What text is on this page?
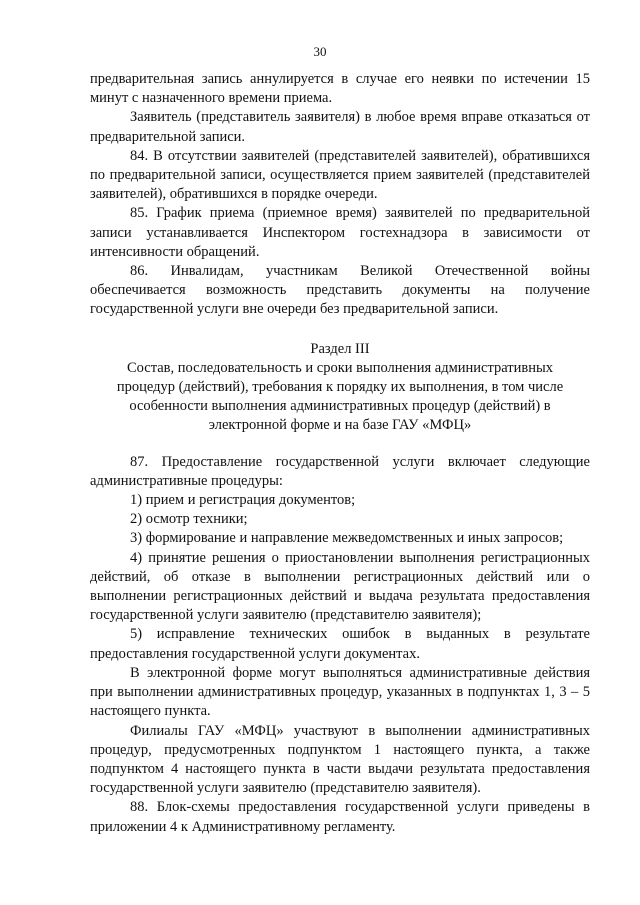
30

предварительная запись аннулируется в случае его неявки по истечении 15 минут с назначенного времени приема.

Заявитель (представитель заявителя) в любое время вправе отказаться от предварительной записи.

84. В отсутствии заявителей (представителей заявителей), обратившихся по предварительной записи, осуществляется прием заявителей (представителей заявителей), обратившихся в порядке очереди.

85. График приема (приемное время) заявителей по предварительной записи устанавливается Инспектором гостехнадзора в зависимости от интенсивности обращений.

86. Инвалидам, участникам Великой Отечественной войны обеспечивается возможность представить документы на получение государственной услуги вне очереди без предварительной записи.

Раздел III
Состав, последовательность и сроки выполнения административных
процедур (действий), требования к порядку их выполнения, в том числе
особенности выполнения административных процедур (действий) в
электронной форме и на базе ГАУ «МФЦ»

87. Предоставление государственной услуги включает следующие административные процедуры:

1) прием и регистрация документов;

2) осмотр техники;

3) формирование и направление межведомственных и иных запросов;

4) принятие решения о приостановлении выполнения регистрационных действий, об отказе в выполнении регистрационных действий или о выполнении регистрационных действий и выдача результата предоставления государственной услуги заявителю (представителю заявителя);

5) исправление технических ошибок в выданных в результате предоставления государственной услуги документах.

В электронной форме могут выполняться административные действия при выполнении административных процедур, указанных в подпунктах 1, 3 – 5 настоящего пункта.

Филиалы ГАУ «МФЦ» участвуют в выполнении административных процедур, предусмотренных подпунктом 1 настоящего пункта, а также подпунктом 4 настоящего пункта в части выдачи результата предоставления государственной услуги заявителю (представителю заявителя).

88. Блок-схемы предоставления государственной услуги приведены в приложении 4 к Административному регламенту.
